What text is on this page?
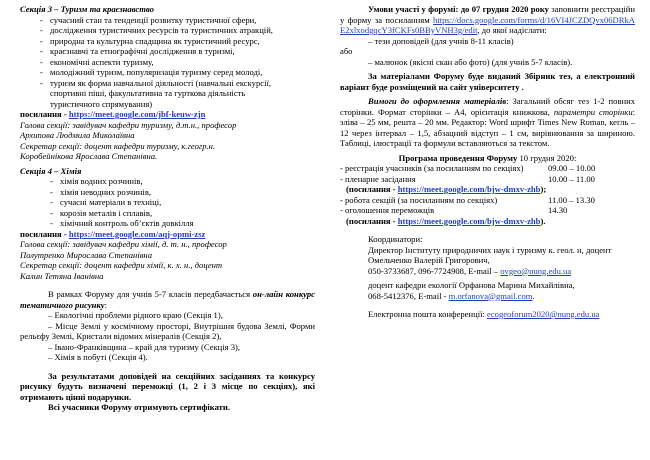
Секція 3 – Туризм та краєзнавство
- сучасний стан та тенденції розвитку туристичної сфери,
- дослідження туристичних ресурсів та туристичних атракцій,
- природна та культурна спадщина як туристичний ресурс,
- краєзнавчі та етнографічні дослідження в туризмі,
- економічні аспекти туризму,
- молодіжний туризм, популяризація туризму серед молоді,
- туризм як форма навчальної діяльності (навчальні екскурсії,
спортивні піші, факультативна та гурткова діяльність
туристичного спрямування)
посилання - https://meet.google.com/jbf-keuw-zjn
Голова секції: завідувач кафедри туризму, д.т.н., професор
Архипова Людмила Миколаївна
Секретар секції: доцент кафедри туризму, к.геогр.н.
Коробейнікова Ярослава Степанівна.
Секція 4 – Хімія
- хімія водних розчинів,
- хімія неводних розчинів,
- сучасні матеріали в техніці,
- корозія металів і сплавів,
- хімічний контроль об’єктів довкілля
посилання - https://meet.google.com/aqj-opmi-zsz
Голова секції: завідувач кафедри хімії, д. т. н., професор
Полутренко Мирослава Степанівна
Секретар секції: доцент кафедри хімії, к. х. н., доцент
Калин Тетяна Іванівна

В рамках Форуму для учнів 5-7 класів передбачається он-лайн конкурс тематичного рисунку:

– Екологічні проблеми рідного краю (Секція 1),
– Місце Землі у космічному просторі, Внутрішня будова Землі, Форми рельєфу Землі, Кристали відомих мінералів (Секція 2),
– Івано-Франківщина – край для туризму (Секція 3),
– Хімія в побуті (Секція 4).

За результатами доповідей на секційних засіданнях та конкурсу рисунку будуть визначені переможці (1, 2 і 3 місце по секціях), які отримають цінні подарунки.

Всі учасники Форуму отримують сертифікати.

Умови участі у форумі: до 07 грудня 2020 року заповнити реєстраційну форму за посиланням https://docs.google.com/forms/d/16VI4JCZDQvx06DRkAE2xlxodgqcY3fCKFs0BByVNH3g/edit, до якої надіслати:

– тези доповідей (для учнів 8-11 класів)
або
– малюнок (якісні скан або фото) (для учнів 5-7 класів).

За матеріалами Форуму буде виданий Збірник тез, а електронний варіант буде розміщений на сайт університету .

Вимоги до оформлення матеріалів: Загальний обсяг тез 1-2 повних сторінки. Формат сторінки – А4, орієнтація книжкова, параметри сторінки: зліва – 25 мм, решта – 20 мм. Редактор: Word шрифт Times New Roman, кегль – 12 через інтервал – 1,5, абзацний відступ – 1 см, вирівнювання за шириною. Таблиці, ілюстрації та формули вставляються за текстом.

Програма проведення Форуму 10 грудня 2020:
- реєстрація учасників (за посиланням по секціях)	09.00 – 10.00
- пленарне засідання	10.00 – 11.00
(посилання - https://meet.google.com/bjw-dmxv-zhb);
- робота секцій (за посиланням по секціях)	11.00 – 13.30
- оголошення переможців	14.30
(посилання - https://meet.google.com/bjw-dmxv-zhb).
Координатори:
Директор Інституту природничих наук і туризму к. геол. н, доцент Омельченко Валерій Григорович,
050-3733687, 096-7724908, E-mail – ovgeo@nung.edu.ua
доцент кафедри екології Орфанова Марина Михайлівна,
068-5412376, E-mail - m.orfanova@gmail.com.
Електронна пошта конференції: ecogeoforum2020@nung.edu.ua
